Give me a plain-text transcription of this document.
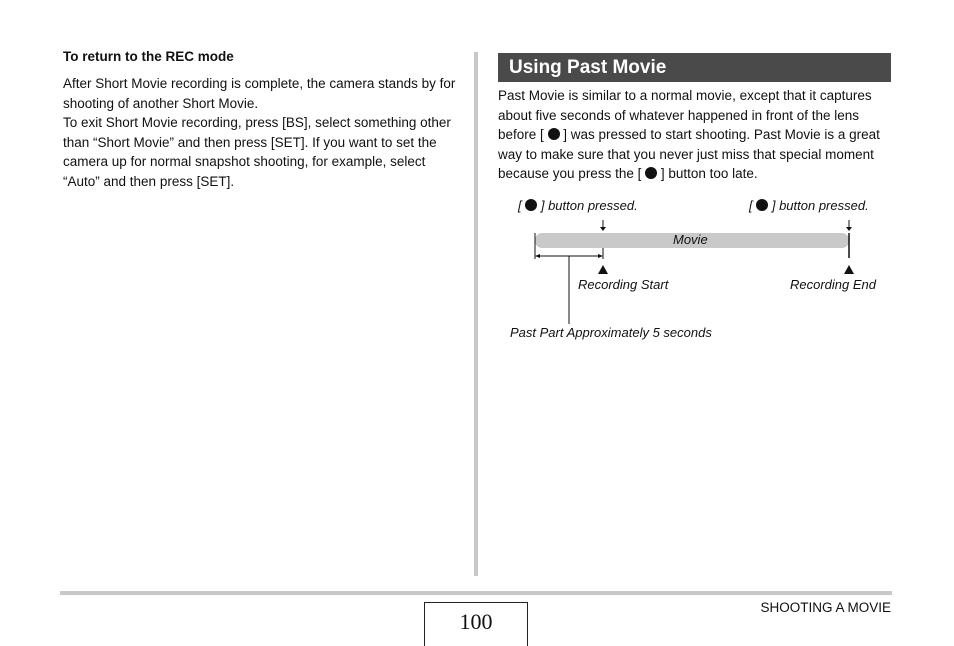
To return to the REC mode

After Short Movie recording is complete, the camera stands by for shooting of another Short Movie.

To exit Short Movie recording, press [BS], select something other than “Short Movie” and then press [SET]. If you want to set the camera up for normal snapshot shooting, for example, select “Auto” and then press [SET].

Using Past Movie

Past Movie is similar to a normal movie, except that it captures about five seconds of whatever happened in front of the lens before [  ] was pressed to start shooting. Past Movie is a great way to make sure that you never just miss that special moment because you press the [  ] button too late.

[  ] button pressed.	[  ] button pressed.
Movie
Recording Start	Recording End
Past Part Approximately 5 seconds
100
SHOOTING A MOVIE
